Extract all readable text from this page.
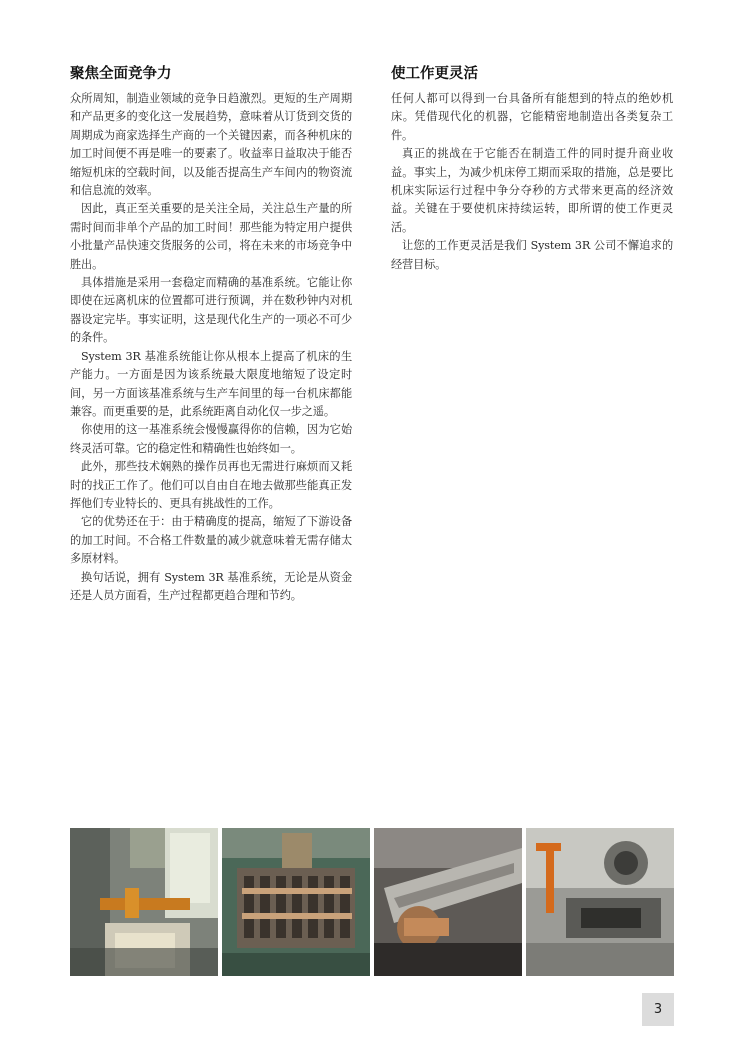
聚焦全面竞争力

众所周知，制造业领域的竞争日趋激烈。更短的生产周期和产品更多的变化这一发展趋势，意味着从订货到交货的周期成为商家选择生产商的一个关键因素，而各种机床的加工时间便不再是唯一的要素了。收益率日益取决于能否缩短机床的空载时间，以及能否提高生产车间内的物资流和信息流的效率。

因此，真正至关重要的是关注全局，关注总生产量的所需时间而非单个产品的加工时间！那些能为特定用户提供小批量产品快速交货服务的公司，将在未来的市场竞争中胜出。

具体措施是采用一套稳定而精确的基准系统。它能让你即使在远离机床的位置都可进行预调，并在数秒钟内对机器设定完毕。事实证明，这是现代化生产的一项必不可少的条件。

System 3R 基准系统能让你从根本上提高了机床的生产能力。一方面是因为该系统最大限度地缩短了设定时间，另一方面该基准系统与生产车间里的每一台机床都能兼容。而更重要的是，此系统距离自动化仅一步之遥。

你使用的这一基准系统会慢慢赢得你的信赖，因为它始终灵活可靠。它的稳定性和精确性也始终如一。

此外，那些技术娴熟的操作员再也无需进行麻烦而又耗时的找正工作了。他们可以自由自在地去做那些能真正发挥他们专业特长的、更具有挑战性的工作。

它的优势还在于：由于精确度的提高，缩短了下游设备的加工时间。不合格工件数量的减少就意味着无需存储太多原材料。

换句话说，拥有 System 3R 基准系统，无论是从资金还是人员方面看，生产过程都更趋合理和节约。

使工作更灵活

任何人都可以得到一台具备所有能想到的特点的绝妙机床。凭借现代化的机器，它能精密地制造出各类复杂工件。

真正的挑战在于它能否在制造工件的同时提升商业收益。事实上，为减少机床停工期而采取的措施，总是要比机床实际运行过程中争分夺秒的方式带来更高的经济效益。关键在于要使机床持续运转，即所谓的使工作更灵活。

让您的工作更灵活是我们 System 3R 公司不懈追求的经营目标。

3
